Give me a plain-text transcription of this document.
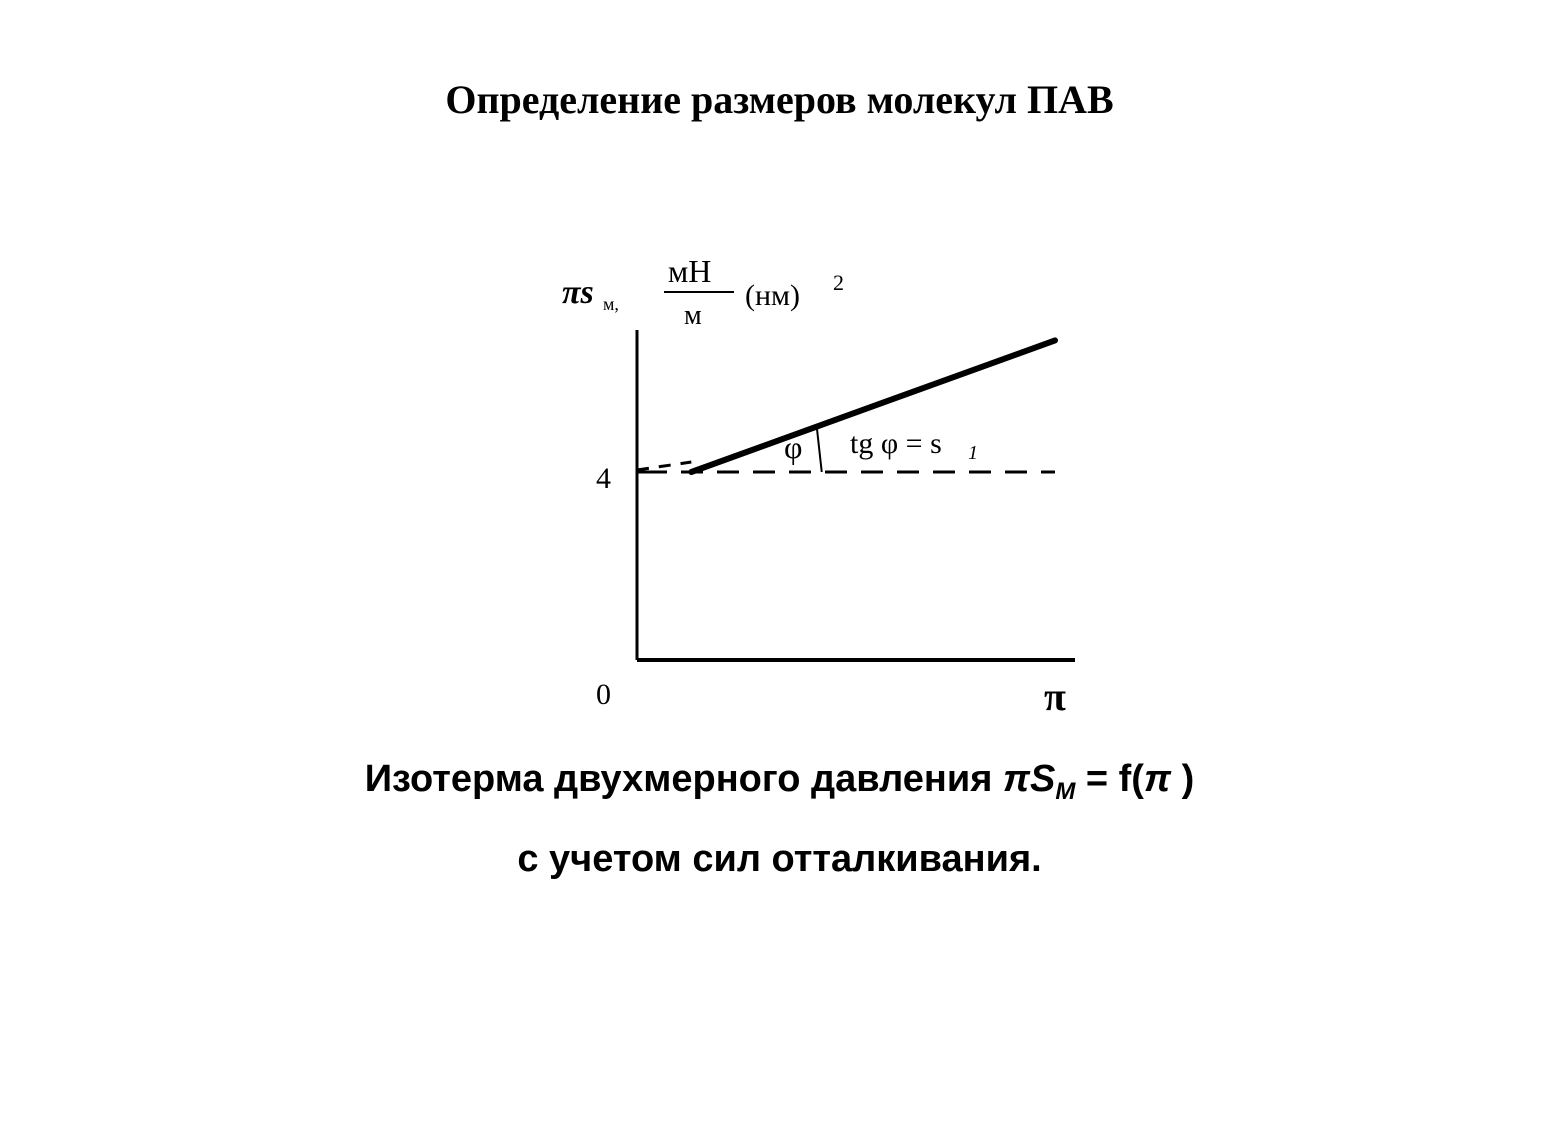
Определение размеров молекул ПАВ
πs м,
мН
м
(нм) 2
4
0	π
φ tg φ = s 1
Изотерма двухмерного давления $\pi S_M = f(\pi$ )
с учетом сил отталкивания.
